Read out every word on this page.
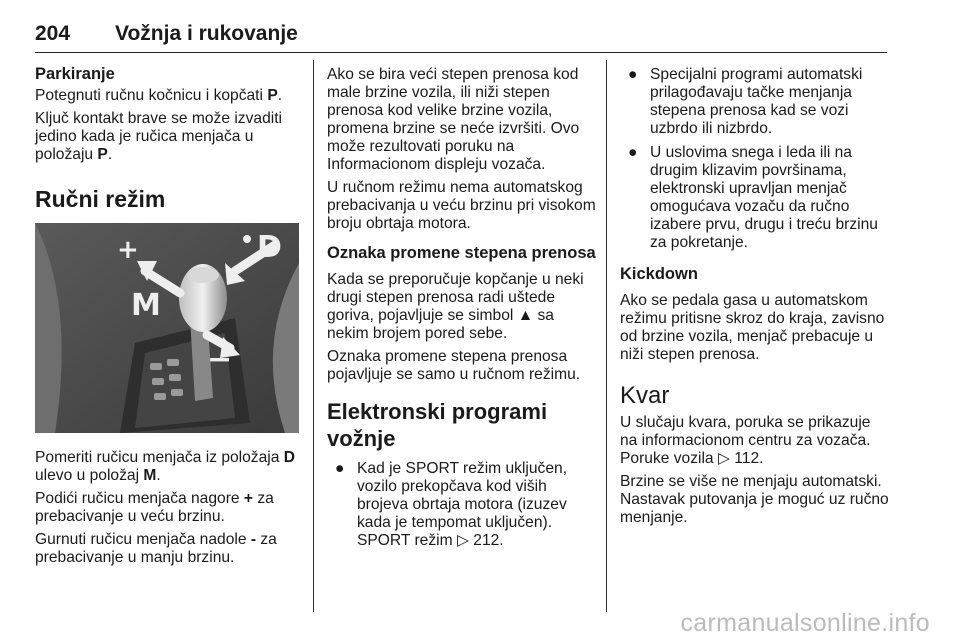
204 Vožnja i rukovanje
Parkiranje

Potegnuti ručnu kočnicu i kopčati P.

Ključ kontakt brave se može izvaditi jedino kada je ručica menjača u položaju P.

Ručni režim
+
M
D
−

Pomeriti ručicu menjača iz položaja D ulevo u položaj M.

Podići ručicu menjača nagore + za prebacivanje u veću brzinu.

Gurnuti ručicu menjača nadole - za prebacivanje u manju brzinu.

Ako se bira veći stepen prenosa kod male brzine vozila, ili niži stepen prenosa kod velike brzine vozila, promena brzine se neće izvršiti. Ovo može rezultovati poruku na Informacionom displeju vozača.

U ručnom režimu nema automatskog prebacivanja u veću brzinu pri visokom broju obrtaja motora.

Oznaka promene stepena prenosa

Kada se preporučuje kopčanje u neki drugi stepen prenosa radi uštede goriva, pojavljuje se simbol ▲ sa nekim brojem pored sebe.

Oznaka promene stepena prenosa pojavljuje se samo u ručnom režimu.

Elektronski programi vožnje
● Kad je SPORT režim uključen, vozilo prekopčava kod viših brojeva obrtaja motora (izuzev kada je tempomat uključen). SPORT režim ▷ 212.
● Specijalni programi automatski prilagođavaju tačke menjanja stepena prenosa kad se vozi uzbrdo ili nizbrdo.
● U uslovima snega i leda ili na drugim klizavim površinama, elektronski upravljan menjač omogućava vozaču da ručno izabere prvu, drugu i treću brzinu za pokretanje.
Kickdown

Ako se pedala gasa u automatskom režimu pritisne skroz do kraja, zavisno od brzine vozila, menjač prebacuje u niži stepen prenosa.

Kvar

U slučaju kvara, poruka se prikazuje na informacionom centru za vozača. Poruke vozila ▷ 112.

Brzine se više ne menjaju automatski. Nastavak putovanja je moguć uz ručno menjanje.

carmanualsonline.info
